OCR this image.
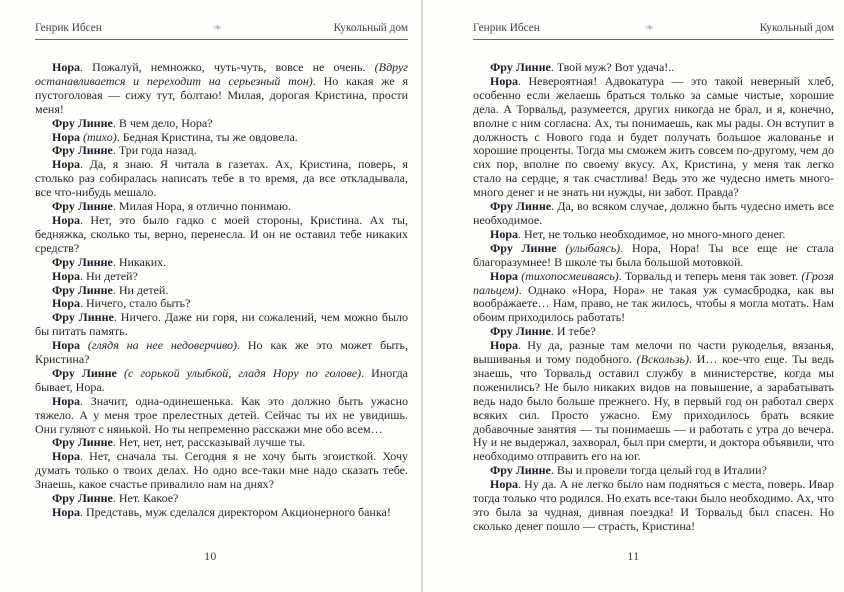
Генрик Ибсен	❧	Кукольный дом

Нора. Пожалуй, немножко, чуть-чуть, вовсе не очень. (Вдруг останавливается и переходит на серьезный тон). Но какая же я пустоголовая — сижу тут, болтаю! Милая, дорогая Кристина, прости меня!

Фру Линне. В чем дело, Нора?

Нора (тихо). Бедная Кристина, ты же овдовела.

Фру Линне. Три года назад.

Нора. Да, я знаю. Я читала в газетах. Ах, Кристина, поверь, я столько раз собиралась написать тебе в то время, да все откладывала, все что-нибудь мешало.

Фру Линне. Милая Нора, я отлично понимаю.

Нора. Нет, это было гадко с моей стороны, Кристина. Ах ты, бедняжка, сколько ты, верно, перенесла. И он не оставил тебе никаких средств?

Фру Линне. Никаких.

Нора. Ни детей?

Фру Линне. Ни детей.

Нора. Ничего, стало быть?

Фру Линне. Ничего. Даже ни горя, ни сожалений, чем можно было бы питать память.

Нора (глядя на нее недоверчиво). Но как же это может быть, Кристина?

Фру Линне (с горькой улыбкой, гладя Нору по голове). Иногда бывает, Нора.

Нора. Значит, одна-одинешенька. Как это должно быть ужасно тяжело. А у меня трое прелестных детей. Сейчас ты их не увидишь. Они гуляют с нянькой. Но ты непременно расскажи мне обо всем…

Фру Линне. Нет, нет, нет, рассказывай лучше ты.

Нора. Нет, сначала ты. Сегодня я не хочу быть эгоисткой. Хочу думать только о твоих делах. Но одно все-таки мне надо сказать тебе. Знаешь, какое счастье привалило нам на днях?

Фру Линне. Нет. Какое?

Нора. Представь, муж сделался директором Акционерного банка!

10
Генрик Ибсен	❧	Кукольный дом

Фру Линне. Твой муж? Вот удача!..

Нора. Невероятная! Адвокатура — это такой неверный хлеб, особенно если желаешь браться только за самые чистые, хорошие дела. А Торвальд, разумеется, других никогда не брал, и я, конечно, вполне с ним согласна. Ах, ты понимаешь, как мы рады. Он вступит в должность с Нового года и будет получать большое жалованье и хорошие проценты. Тогда мы сможем жить совсем по-другому, чем до сих пор, вполне по своему вкусу. Ах, Кристина, у меня так легко стало на сердце, я так счастлива! Ведь это же чудесно иметь много-много денег и не знать ни нужды, ни забот. Правда?

Фру Линне. Да, во всяком случае, должно быть чудесно иметь все необходимое.

Нора. Нет, не только необходимое, но много-много денег.

Фру Линне (улыбаясь). Нора, Нора! Ты все еще не стала благоразумнее! В школе ты была большой мотовкой.

Нора (тихопосмеиваясь). Торвальд и теперь меня так зовет. (Грозя пальцем). Однако «Нора, Нора» не такая уж сумасбродка, как вы воображаете… Нам, право, не так жилось, чтобы я могла мотать. Нам обоим приходилось работать!

Фру Линне. И тебе?

Нора. Ну да, разные там мелочи по части рукоделья, вязанья, вышиванья и тому подобного. (Вскользь). И… кое-что еще. Ты ведь знаешь, что Торвальд оставил службу в министерстве, когда мы поженились? Не было никаких видов на повышение, а зарабатывать ведь надо было больше прежнего. Ну, в первый год он работал сверх всяких сил. Просто ужасно. Ему приходилось брать всякие добавочные занятия — ты понимаешь — и работать с утра до вечера. Ну и не выдержал, захворал, был при смерти, и доктора объявили, что необходимо отправить его на юг.

Фру Линне. Вы и провели тогда целый год в Италии?

Нора. Ну да. А не легко было нам подняться с места, поверь. Ивар тогда только что родился. Но ехать все-таки было необходимо. Ах, что это была за чудная, дивная поездка! И Торвальд был спасен. Но сколько денег пошло — страсть, Кристина!

11
